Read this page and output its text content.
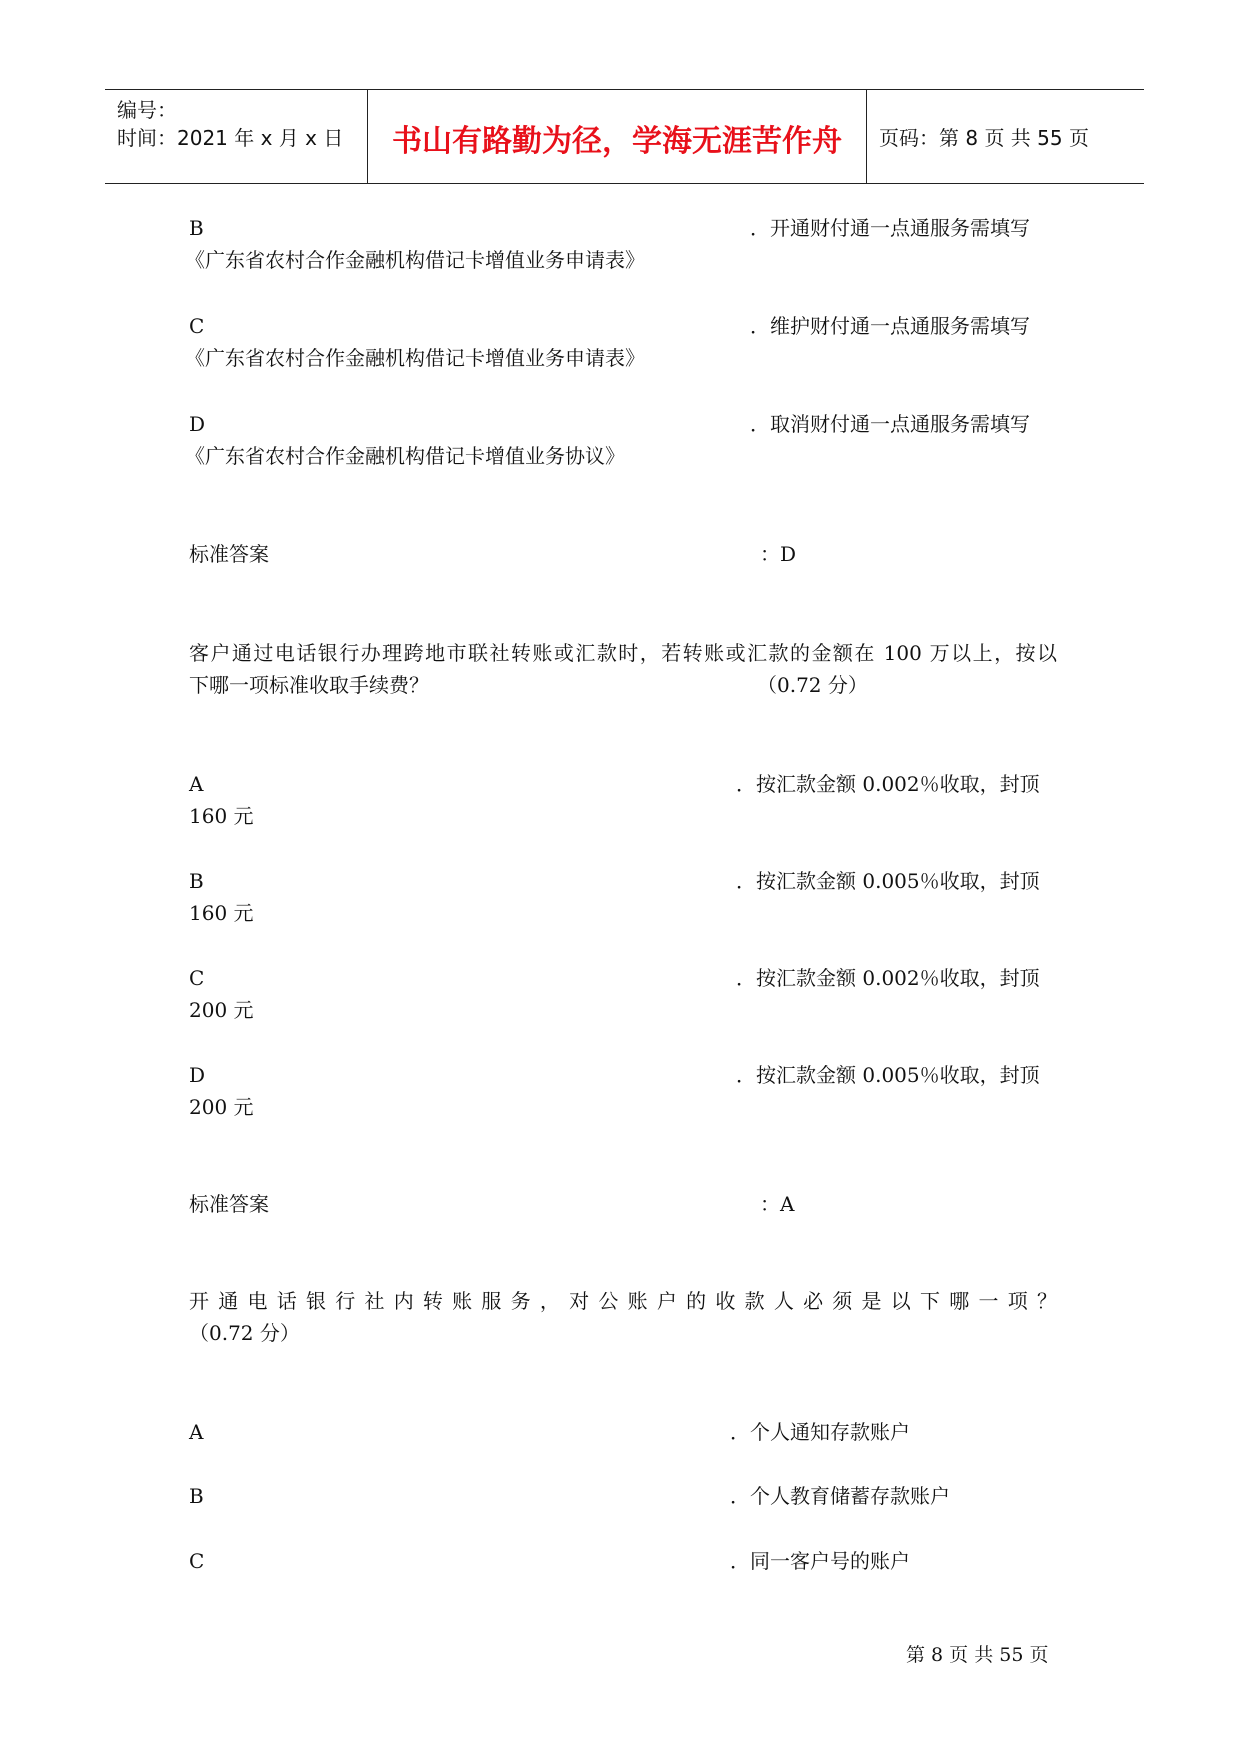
编号：
时间：2021 年 x 月 x 日	书山有路勤为径，学海无涯苦作舟	页码：第 8 页 共 55 页
B	．开通财付通一点通服务需填写
《广东省农村合作金融机构借记卡增值业务申请表》
C	．维护财付通一点通服务需填写
《广东省农村合作金融机构借记卡增值业务申请表》
D	．取消财付通一点通服务需填写
《广东省农村合作金融机构借记卡增值业务协议》
标准答案	：D
客户通过电话银行办理跨地市联社转账或汇款时，若转账或汇款的金额在 100 万以上，按以
下哪一项标准收取手续费？	（0.72 分）
A	．按汇款金额 0.002％收取，封顶
160 元
B	．按汇款金额 0.005％收取，封顶
160 元
C	．按汇款金额 0.002％收取，封顶
200 元
D	．按汇款金额 0.005％收取，封顶
200 元
标准答案	：A
开通电话银行社内转账服务，对公账户的收款人必须是以下哪一项？
（0.72 分）
A	．个人通知存款账户
B	．个人教育储蓄存款账户
C	．同一客户号的账户
第 8 页 共 55 页
